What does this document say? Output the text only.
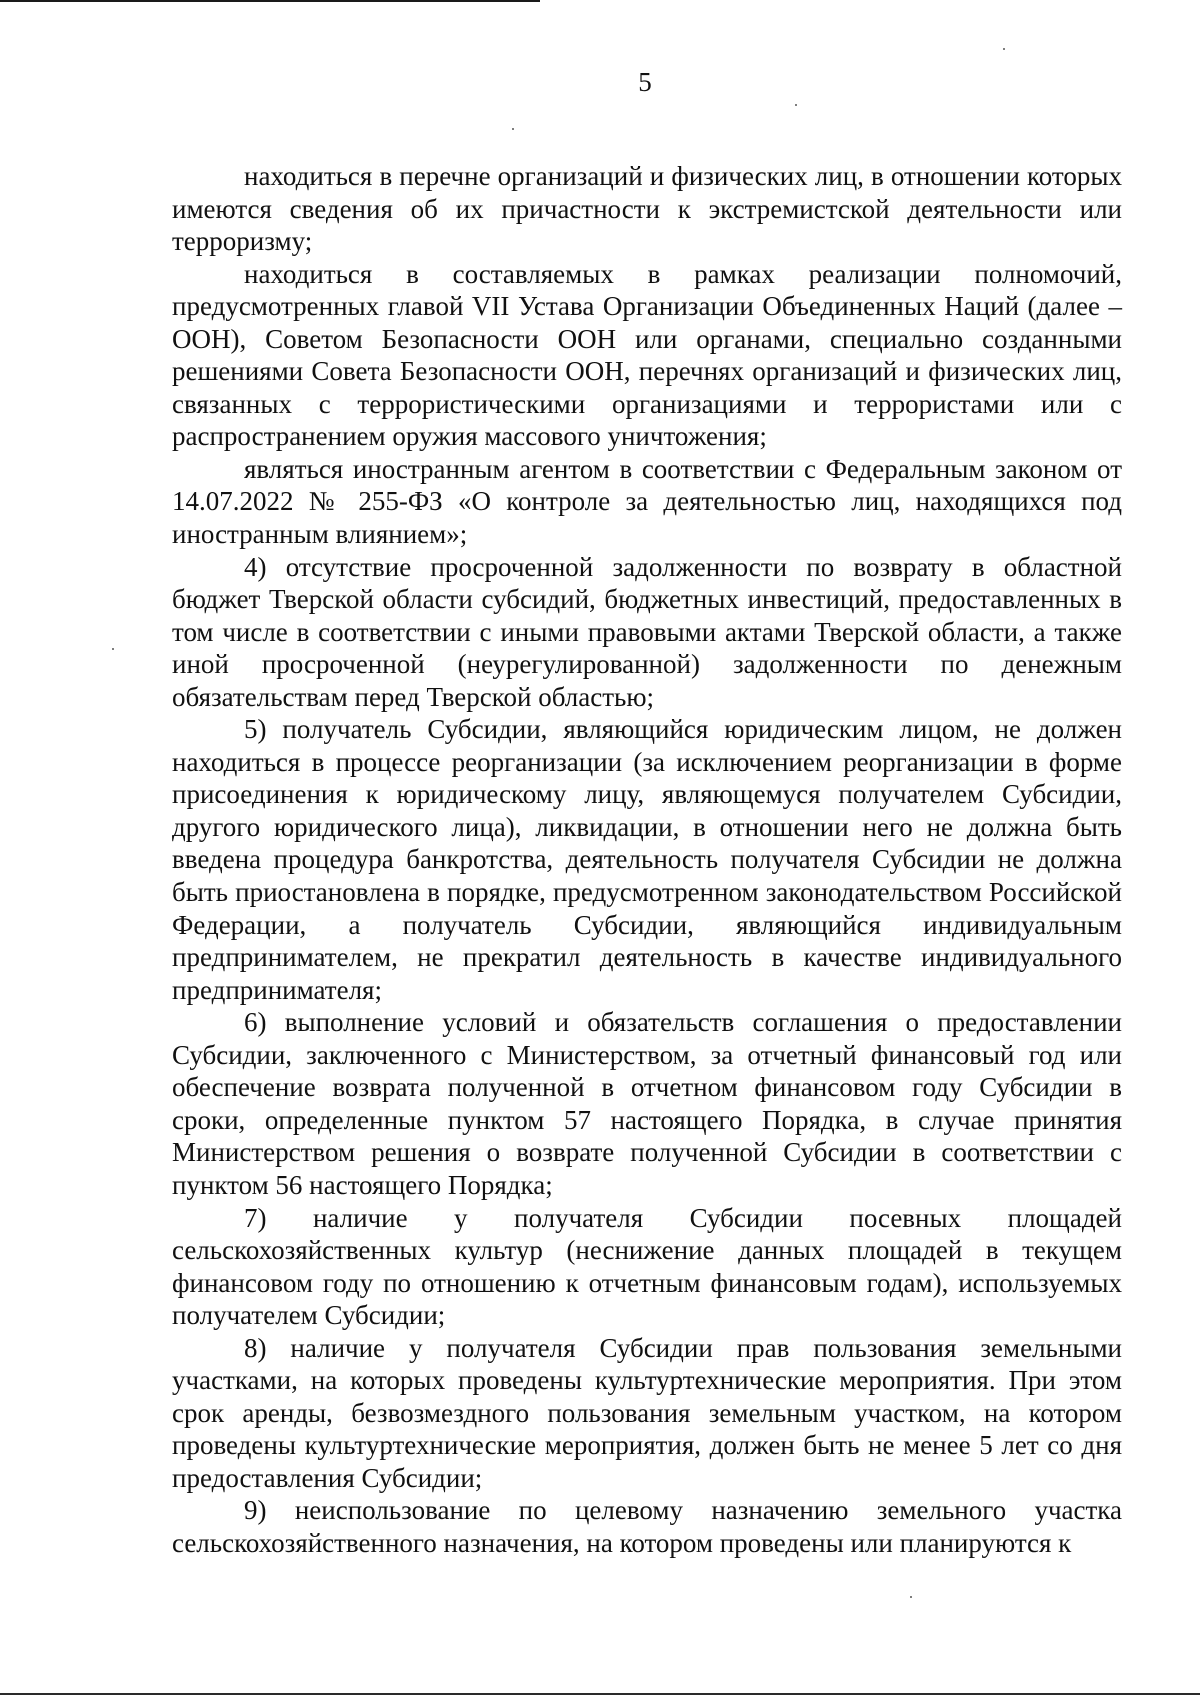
5

находиться в перечне организаций и физических лиц, в отношении которых имеются сведения об их причастности к экстремистской деятельности или терроризму;

находиться в составляемых в рамках реализации полномочий, предусмотренных главой VII Устава Организации Объединенных Наций (далее – ООН), Советом Безопасности ООН или органами, специально созданными решениями Совета Безопасности ООН, перечнях организаций и физических лиц, связанных с террористическими организациями и террористами или с распространением оружия массового уничтожения;

являться иностранным агентом в соответствии с Федеральным законом от 14.07.2022 № 255-ФЗ «О контроле за деятельностью лиц, находящихся под иностранным влиянием»;

4) отсутствие просроченной задолженности по возврату в областной бюджет Тверской области субсидий, бюджетных инвестиций, предоставленных в том числе в соответствии с иными правовыми актами Тверской области, а также иной просроченной (неурегулированной) задолженности по денежным обязательствам перед Тверской областью;

5) получатель Субсидии, являющийся юридическим лицом, не должен находиться в процессе реорганизации (за исключением реорганизации в форме присоединения к юридическому лицу, являющемуся получателем Субсидии, другого юридического лица), ликвидации, в отношении него не должна быть введена процедура банкротства, деятельность получателя Субсидии не должна быть приостановлена в порядке, предусмотренном законодательством Российской Федерации, а получатель Субсидии, являющийся индивидуальным предпринимателем, не прекратил деятельность в качестве индивидуального предпринимателя;

6) выполнение условий и обязательств соглашения о предоставлении Субсидии, заключенного с Министерством, за отчетный финансовый год или обеспечение возврата полученной в отчетном финансовом году Субсидии в сроки, определенные пунктом 57 настоящего Порядка, в случае принятия Министерством решения о возврате полученной Субсидии в соответствии с пунктом 56 настоящего Порядка;

7) наличие у получателя Субсидии посевных площадей сельскохозяйственных культур (неснижение данных площадей в текущем финансовом году по отношению к отчетным финансовым годам), используемых получателем Субсидии;

8) наличие у получателя Субсидии прав пользования земельными участками, на которых проведены культуртехнические мероприятия. При этом срок аренды, безвозмездного пользования земельным участком, на котором проведены культуртехнические мероприятия, должен быть не менее 5 лет со дня предоставления Субсидии;

9) неиспользование по целевому назначению земельного участка сельскохозяйственного назначения, на котором проведены или планируются к
